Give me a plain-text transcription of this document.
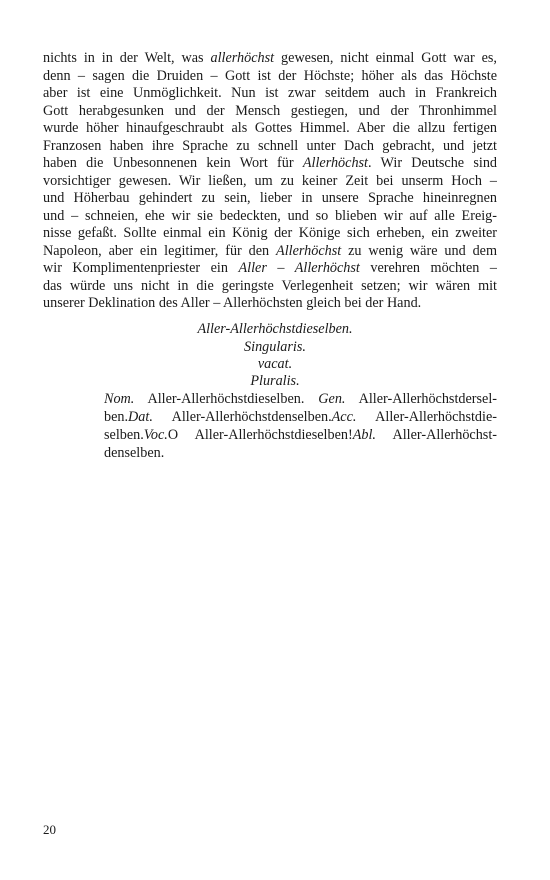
nichts in in der Welt, was allerhöchst gewesen, nicht einmal Gott war es,
denn – sagen die Druiden – Gott ist der Höchste; höher als das Höchste
aber ist eine Unmöglichkeit. Nun ist zwar seitdem auch in Frankreich
Gott herabgesunken und der Mensch gestiegen, und der Thronhimmel
wurde höher hinaufgeschraubt als Gottes Himmel. Aber die allzu fertigen
Franzosen haben ihre Sprache zu schnell unter Dach gebracht, und jetzt
haben die Unbesonnenen kein Wort für Allerhöchst. Wir Deutsche sind
vorsichtiger gewesen. Wir ließen, um zu keiner Zeit bei unserm Hoch –
und Höherbau gehindert zu sein, lieber in unsere Sprache hineinregnen
und – schneien, ehe wir sie bedeckten, und so blieben wir auf alle Ereig-
nisse gefaßt. Sollte einmal ein König der Könige sich erheben, ein zweiter
Napoleon, aber ein legitimer, für den Allerhöchst zu wenig wäre und dem
wir Komplimentenpriester ein Aller – Allerhöchst verehren möchten –
das würde uns nicht in die geringste Verlegenheit setzen; wir wären mit
unserer Deklination des Aller – Allerhöchsten gleich bei der Hand.
Aller-Allerhöchstdieselben.
Singularis.
vacat.
Pluralis.
Nom. Aller-Allerhöchstdieselben. Gen. Aller-Allerhöchstdersel-
ben.Dat. Aller-Allerhöchstdenselben.Acc. Aller-Allerhöchstdie-
selben.Voc.O Aller-Allerhöchstdieselben!Abl. Aller-Allerhöchst-
denselben.
20
